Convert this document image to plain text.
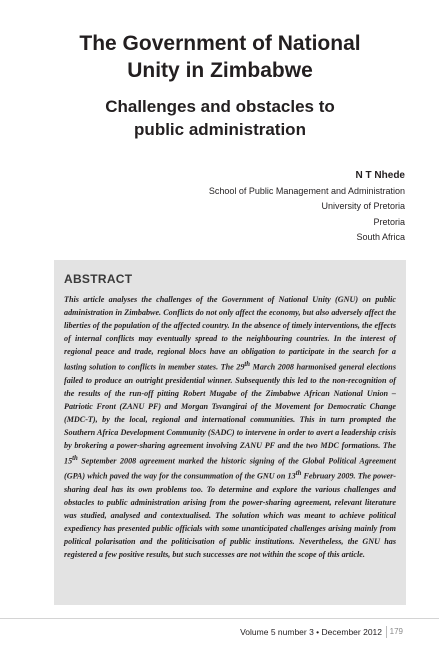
The Government of National
Unity in Zimbabwe
Challenges and obstacles to
public administration
N T Nhede
School of Public Management and Administration
University of Pretoria
Pretoria
South Africa
ABSTRACT

This article analyses the challenges of the Government of National Unity (GNU) on public administration in Zimbabwe. Conflicts do not only affect the economy, but also adversely affect the liberties of the population of the affected country. In the absence of timely interventions, the effects of internal conflicts may eventually spread to the neighbouring countries. In the interest of regional peace and trade, regional blocs have an obligation to participate in the search for a lasting solution to conflicts in member states. The 29th March 2008 harmonised general elections failed to produce an outright presidential winner. Subsequently this led to the non-recognition of the results of the run-off pitting Robert Mugabe of the Zimbabwe African National Union – Patriotic Front (ZANU PF) and Morgan Tsvangirai of the Movement for Democratic Change (MDC-T), by the local, regional and international communities. This in turn prompted the Southern Africa Development Community (SADC) to intervene in order to avert a leadership crisis by brokering a power-sharing agreement involving ZANU PF and the two MDC formations. The 15th September 2008 agreement marked the historic signing of the Global Political Agreement (GPA) which paved the way for the consummation of the GNU on 13th February 2009. The power-sharing deal has its own problems too. To determine and explore the various challenges and obstacles to public administration arising from the power-sharing agreement, relevant literature was studied, analysed and contextualised. The solution which was meant to achieve political expediency has presented public officials with some unanticipated challenges arising mainly from political polarisation and the politicisation of public institutions. Nevertheless, the GNU has registered a few positive results, but such successes are not within the scope of this article.

Volume 5 number 3 • December 2012 179
